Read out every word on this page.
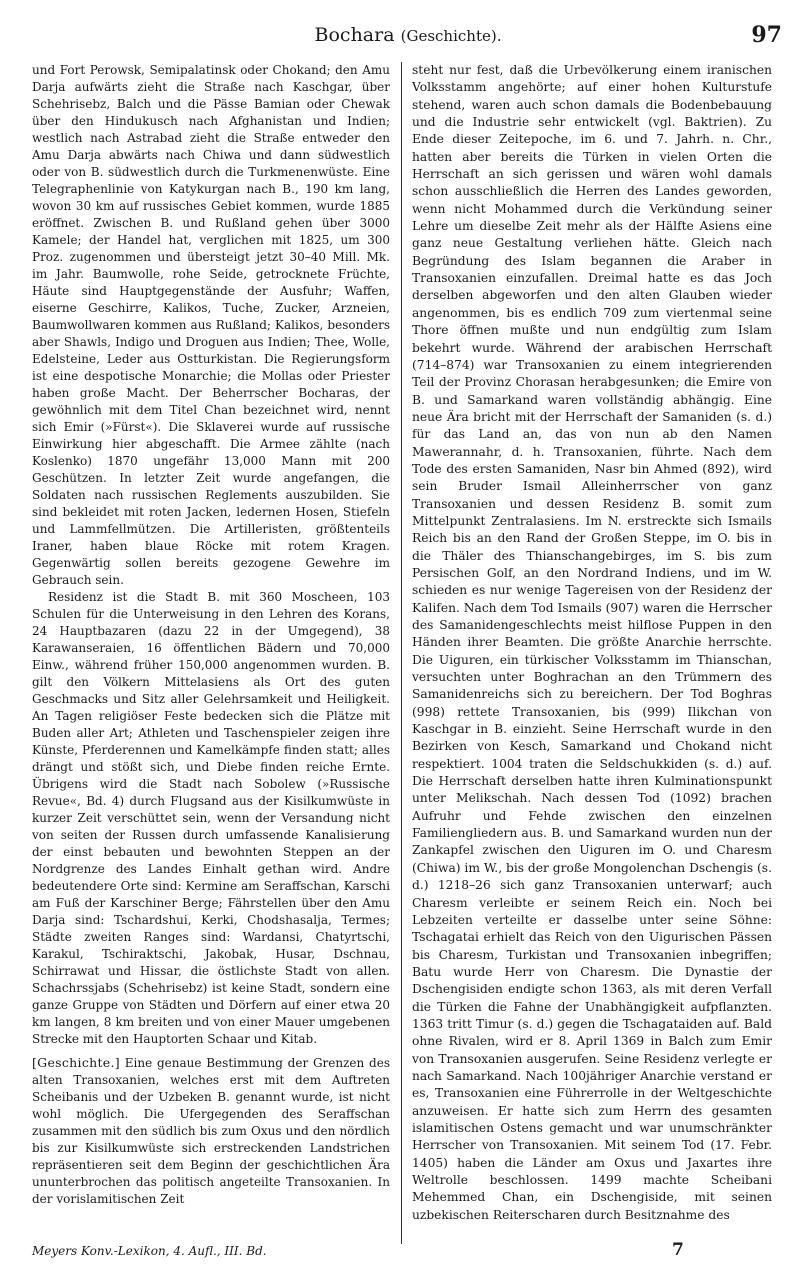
Bochara (Geschichte).	97

und Fort Perowsk, Semipalatinsk oder Chokand; den Amu Darja aufwärts zieht die Straße nach Kaschgar, über Schehrisebz, Balch und die Pässe Bamian oder Chewak über den Hindukusch nach Afghanistan und Indien; westlich nach Astrabad zieht die Straße entweder den Amu Darja abwärts nach Chiwa und dann südwestlich oder von B. südwestlich durch die Turkmenenwüste. Eine Telegraphenlinie von Katykurgan nach B., 190 km lang, wovon 30 km auf russisches Gebiet kommen, wurde 1885 eröffnet. Zwischen B. und Rußland gehen über 3000 Kamele; der Handel hat, verglichen mit 1825, um 300 Proz. zugenommen und übersteigt jetzt 30–40 Mill. Mk. im Jahr. Baumwolle, rohe Seide, getrocknete Früchte, Häute sind Hauptgegenstände der Ausfuhr; Waffen, eiserne Geschirre, Kalikos, Tuche, Zucker, Arzneien, Baumwollwaren kommen aus Rußland; Kalikos, besonders aber Shawls, Indigo und Droguen aus Indien; Thee, Wolle, Edelsteine, Leder aus Ostturkistan. Die Regierungsform ist eine despotische Monarchie; die Mollas oder Priester haben große Macht. Der Beherrscher Bocharas, der gewöhnlich mit dem Titel Chan bezeichnet wird, nennt sich Emir (»Fürst«). Die Sklaverei wurde auf russische Einwirkung hier abgeschafft. Die Armee zählte (nach Koslenko) 1870 ungefähr 13,000 Mann mit 200 Geschützen. In letzter Zeit wurde angefangen, die Soldaten nach russischen Reglements auszubilden. Sie sind bekleidet mit roten Jacken, ledernen Hosen, Stiefeln und Lammfellmützen. Die Artilleristen, größtenteils Iraner, haben blaue Röcke mit rotem Kragen. Gegenwärtig sollen bereits gezogene Gewehre im Gebrauch sein.

Residenz ist die Stadt B. mit 360 Moscheen, 103 Schulen für die Unterweisung in den Lehren des Korans, 24 Hauptbazaren (dazu 22 in der Umgegend), 38 Karawanseraien, 16 öffentlichen Bädern und 70,000 Einw., während früher 150,000 angenommen wurden. B. gilt den Völkern Mittelasiens als Ort des guten Geschmacks und Sitz aller Gelehrsamkeit und Heiligkeit. An Tagen religiöser Feste bedecken sich die Plätze mit Buden aller Art; Athleten und Taschenspieler zeigen ihre Künste, Pferderennen und Kamelkämpfe finden statt; alles drängt und stößt sich, und Diebe finden reiche Ernte. Übrigens wird die Stadt nach Sobolew (»Russische Revue«, Bd. 4) durch Flugsand aus der Kisilkumwüste in kurzer Zeit verschüttet sein, wenn der Versandung nicht von seiten der Russen durch umfassende Kanalisierung der einst bebauten und bewohnten Steppen an der Nordgrenze des Landes Einhalt gethan wird. Andre bedeutendere Orte sind: Kermine am Seraffschan, Karschi am Fuß der Karschiner Berge; Fährstellen über den Amu Darja sind: Tschardshui, Kerki, Chodshasalja, Termes; Städte zweiten Ranges sind: Wardansi, Chatyrtschi, Karakul, Tschiraktschi, Jakobak, Husar, Dschnau, Schirrawat und Hissar, die östlichste Stadt von allen. Schachrssjabs (Schehrisebz) ist keine Stadt, sondern eine ganze Gruppe von Städten und Dörfern auf einer etwa 20 km langen, 8 km breiten und von einer Mauer umgebenen Strecke mit den Hauptorten Schaar und Kitab.

[Geschichte.] Eine genaue Bestimmung der Grenzen des alten Transoxanien, welches erst mit dem Auftreten Scheibanis und der Uzbeken B. genannt wurde, ist nicht wohl möglich. Die Ufergegenden des Seraffschan zusammen mit den südlich bis zum Oxus und den nördlich bis zur Kisilkumwüste sich erstreckenden Landstrichen repräsentieren seit dem Beginn der geschichtlichen Ära ununterbrochen das politisch angeteilte Transoxanien. In der vorislamitischen Zeit

steht nur fest, daß die Urbevölkerung einem iranischen Volksstamm angehörte; auf einer hohen Kulturstufe stehend, waren auch schon damals die Bodenbebauung und die Industrie sehr entwickelt (vgl. Baktrien). Zu Ende dieser Zeitepoche, im 6. und 7. Jahrh. n. Chr., hatten aber bereits die Türken in vielen Orten die Herrschaft an sich gerissen und wären wohl damals schon ausschließlich die Herren des Landes geworden, wenn nicht Mohammed durch die Verkündung seiner Lehre um dieselbe Zeit mehr als der Hälfte Asiens eine ganz neue Gestaltung verliehen hätte. Gleich nach Begründung des Islam begannen die Araber in Transoxanien einzufallen. Dreimal hatte es das Joch derselben abgeworfen und den alten Glauben wieder angenommen, bis es endlich 709 zum viertenmal seine Thore öffnen mußte und nun endgültig zum Islam bekehrt wurde. Während der arabischen Herrschaft (714–874) war Transoxanien zu einem integrierenden Teil der Provinz Chorasan herabgesunken; die Emire von B. und Samarkand waren vollständig abhängig. Eine neue Ära bricht mit der Herrschaft der Samaniden (s. d.) für das Land an, das von nun ab den Namen Mawerannahr, d. h. Transoxanien, führte. Nach dem Tode des ersten Samaniden, Nasr bin Ahmed (892), wird sein Bruder Ismail Alleinherrscher von ganz Transoxanien und dessen Residenz B. somit zum Mittelpunkt Zentralasiens. Im N. erstreckte sich Ismails Reich bis an den Rand der Großen Steppe, im O. bis in die Thäler des Thianschangebirges, im S. bis zum Persischen Golf, an den Nordrand Indiens, und im W. schieden es nur wenige Tagereisen von der Residenz der Kalifen. Nach dem Tod Ismails (907) waren die Herrscher des Samanidengeschlechts meist hilflose Puppen in den Händen ihrer Beamten. Die größte Anarchie herrschte. Die Uiguren, ein türkischer Volksstamm im Thianschan, versuchten unter Boghrachan an den Trümmern des Samanidenreichs sich zu bereichern. Der Tod Boghras (998) rettete Transoxanien, bis (999) Ilikchan von Kaschgar in B. einzieht. Seine Herrschaft wurde in den Bezirken von Kesch, Samarkand und Chokand nicht respektiert. 1004 traten die Seldschukkiden (s. d.) auf. Die Herrschaft derselben hatte ihren Kulminationspunkt unter Melikschah. Nach dessen Tod (1092) brachen Aufruhr und Fehde zwischen den einzelnen Familiengliedern aus. B. und Samarkand wurden nun der Zankapfel zwischen den Uiguren im O. und Charesm (Chiwa) im W., bis der große Mongolenchan Dschengis (s. d.) 1218–26 sich ganz Transoxanien unterwarf; auch Charesm verleibte er seinem Reich ein. Noch bei Lebzeiten verteilte er dasselbe unter seine Söhne: Tschagatai erhielt das Reich von den Uigurischen Pässen bis Charesm, Turkistan und Transoxanien inbegriffen; Batu wurde Herr von Charesm. Die Dynastie der Dschengisiden endigte schon 1363, als mit deren Verfall die Türken die Fahne der Unabhängigkeit aufpflanzten. 1363 tritt Timur (s. d.) gegen die Tschagataiden auf. Bald ohne Rivalen, wird er 8. April 1369 in Balch zum Emir von Transoxanien ausgerufen. Seine Residenz verlegte er nach Samarkand. Nach 100jähriger Anarchie verstand er es, Transoxanien eine Führerrolle in der Weltgeschichte anzuweisen. Er hatte sich zum Herrn des gesamten islamitischen Ostens gemacht und war unumschränkter Herrscher von Transoxanien. Mit seinem Tod (17. Febr. 1405) haben die Länder am Oxus und Jaxartes ihre Weltrolle beschlossen. 1499 machte Scheibani Mehemmed Chan, ein Dschengiside, mit seinen uzbekischen Reiterscharen durch Besitznahme des

Meyers Konv.-Lexikon, 4. Aufl., III. Bd.	7
